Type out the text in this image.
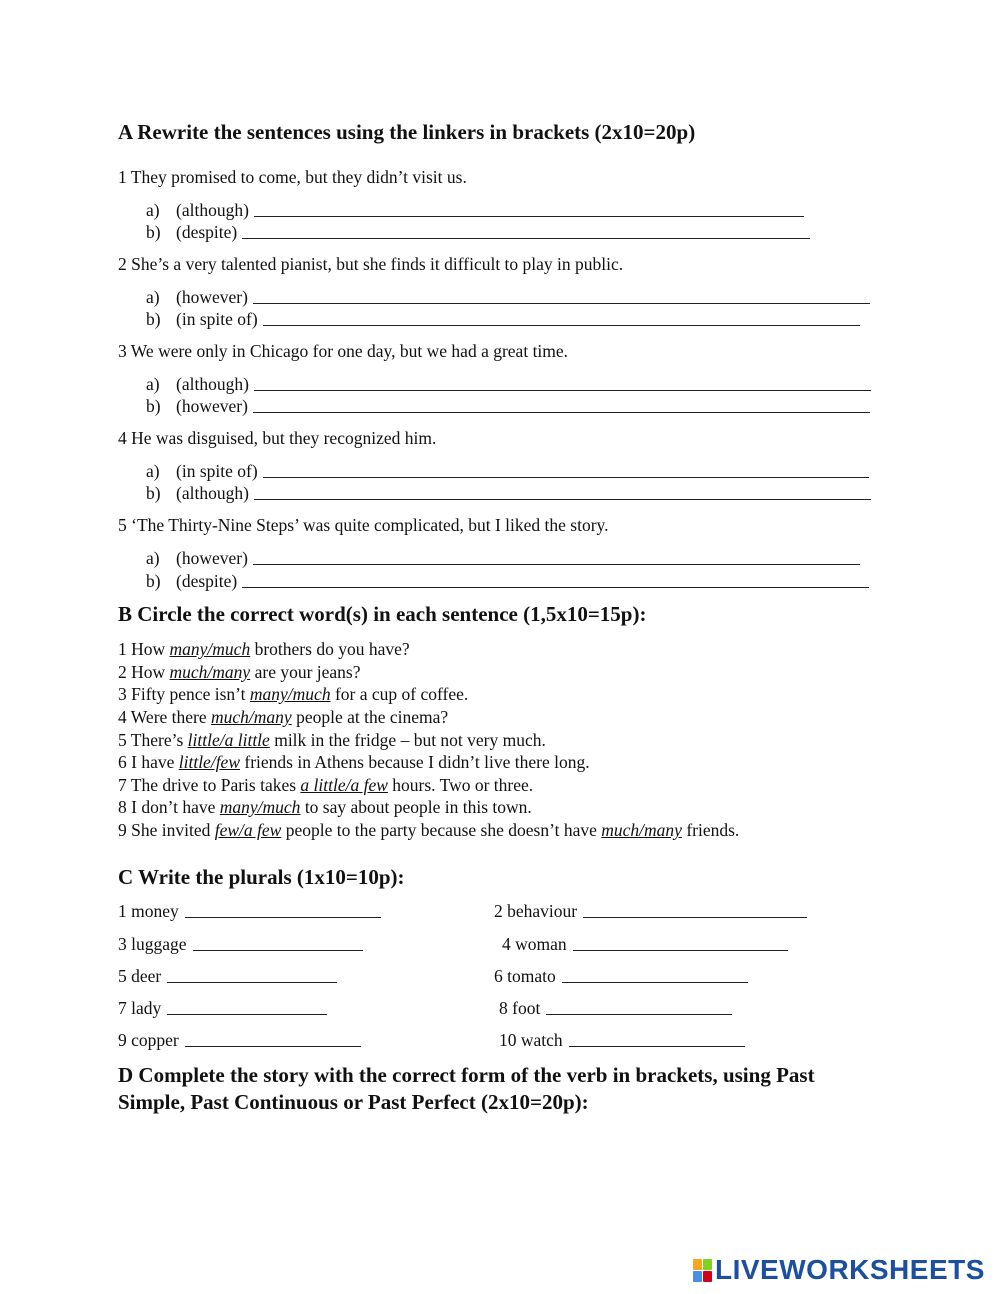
A Rewrite the sentences using the linkers in brackets (2x10=20p)
1 They promised to come, but they didn’t visit us.
a) (although)
b) (despite)
2 She’s a very talented pianist, but she finds it difficult to play in public.
a) (however)
b) (in spite of)
3 We were only in Chicago for one day, but we had a great time.
a) (although)
b) (however)
4 He was disguised, but they recognized him.
a) (in spite of)
b) (although)
5 ‘The Thirty-Nine Steps’ was quite complicated, but I liked the story.
a) (however)
b) (despite)
B Circle the correct word(s) in each sentence (1,5x10=15p):
1 How many/much brothers do you have?
2 How much/many are your jeans?
3 Fifty pence isn’t many/much for a cup of coffee.
4 Were there much/many people at the cinema?
5 There’s little/a little milk in the fridge – but not very much.
6 I have little/few friends in Athens because I didn’t live there long.
7 The drive to Paris takes a little/a few hours. Two or three.
8 I don’t have many/much to say about people in this town.
9 She invited few/a few people to the party because she doesn’t have much/many friends.
C Write the plurals (1x10=10p):
1 money	2 behaviour
3 luggage	4 woman
5 deer	6 tomato
7 lady	8 foot
9 copper	10 watch
D Complete the story with the correct form of the verb in brackets, using Past
Simple, Past Continuous or Past Perfect (2x10=20p):
LIVEWORKSHEETS
